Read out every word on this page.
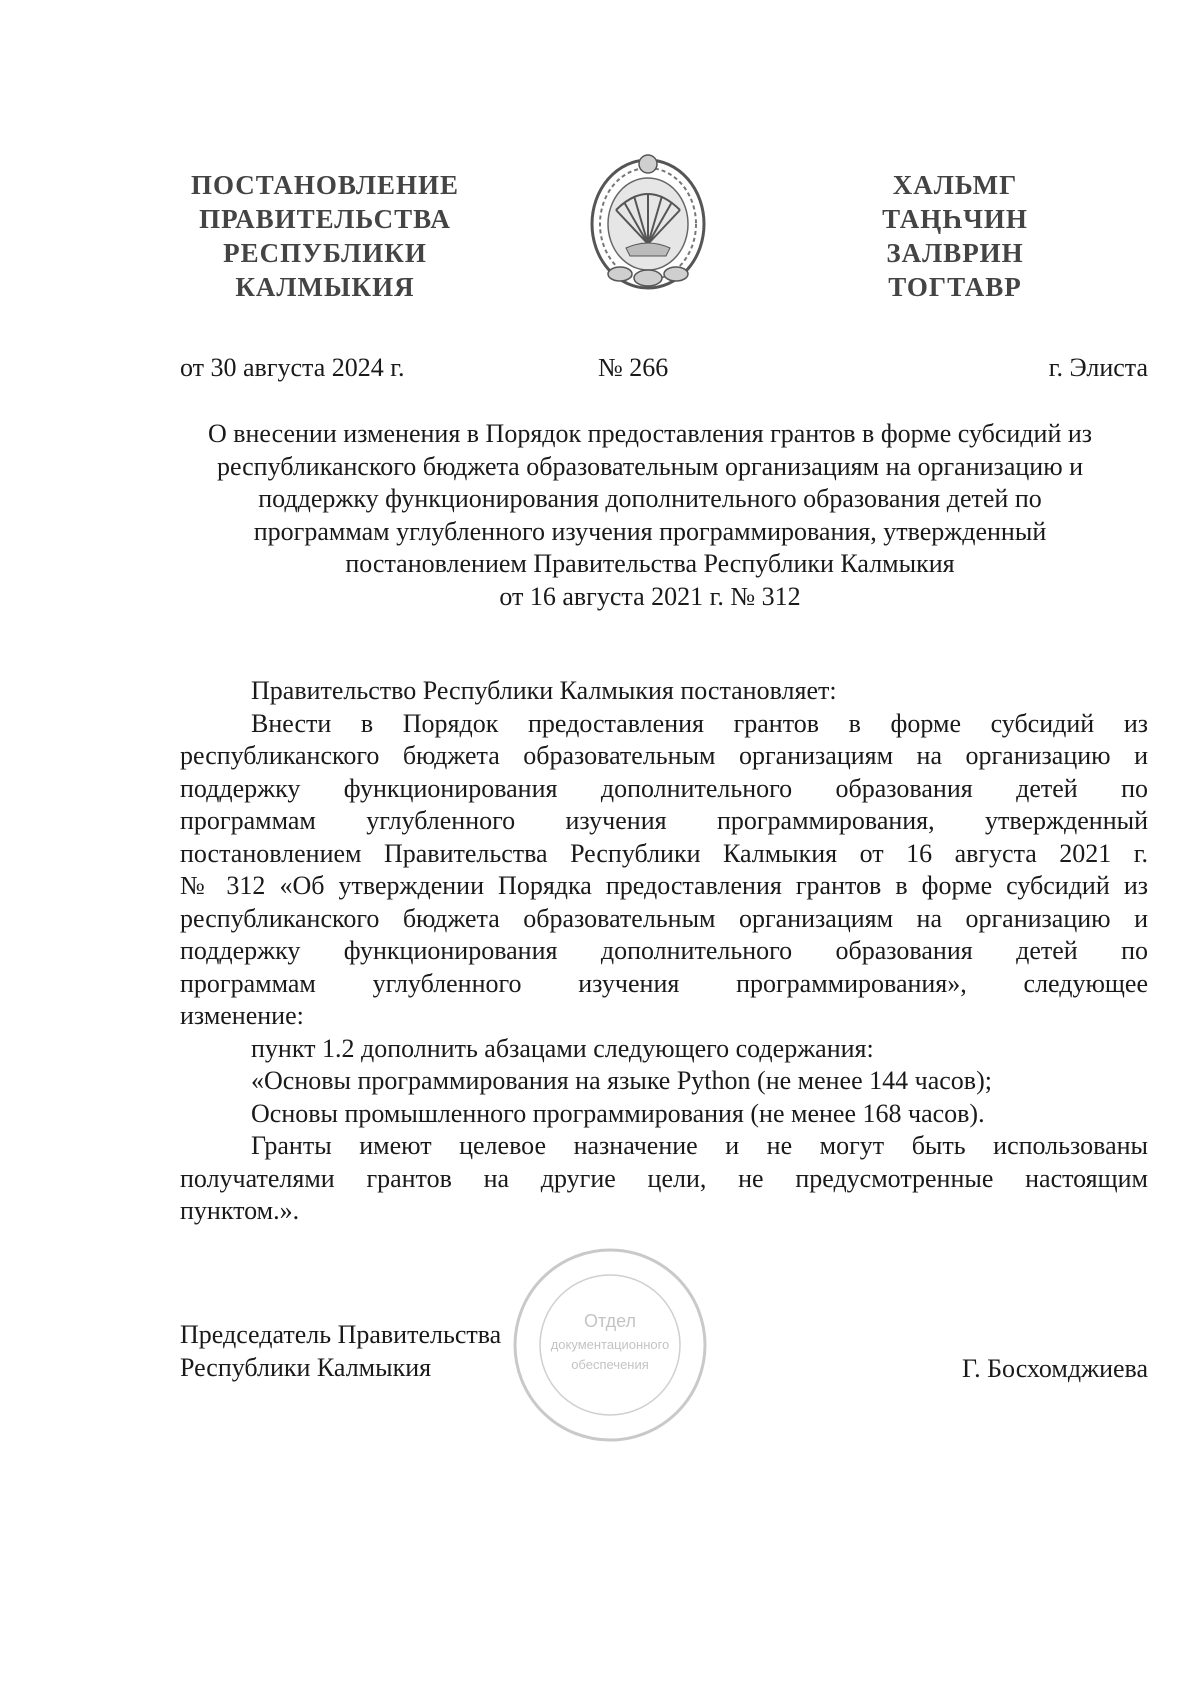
ПОСТАНОВЛЕНИЕ
ПРАВИТЕЛЬСТВА
РЕСПУБЛИКИ
КАЛМЫКИЯ
ХАЛЬМГ
ТАҢҺЧИН
ЗАЛВРИН
ТОГТАВР
от 30 августа 2024 г.	№ 266	г. Элиста
О внесении изменения в Порядок предоставления грантов в форме субсидий из
республиканского бюджета образовательным организациям на организацию и
поддержку функционирования дополнительного образования детей по
программам углубленного изучения программирования, утвержденный
постановлением Правительства Республики Калмыкия
от 16 августа 2021 г. № 312
Правительство Республики Калмыкия постановляет:
Внести в Порядок предоставления грантов в форме субсидий из
республиканского бюджета образовательным организациям на организацию и
поддержку функционирования дополнительного образования детей по
программам углубленного изучения программирования, утвержденный
постановлением Правительства Республики Калмыкия от 16 августа 2021 г.
№ 312 «Об утверждении Порядка предоставления грантов в форме субсидий из
республиканского бюджета образовательным организациям на организацию и
поддержку функционирования дополнительного образования детей по
программам углубленного изучения программирования», следующее
изменение:
пункт 1.2 дополнить абзацами следующего содержания:
«Основы программирования на языке Python (не менее 144 часов);
Основы промышленного программирования (не менее 168 часов).
Гранты имеют целевое назначение и не могут быть использованы
получателями грантов на другие цели, не предусмотренные настоящим
пунктом.».
Отдел
документационного
обеспечения
Председатель Правительства
Республики Калмыкия	Г. Босхомджиева
